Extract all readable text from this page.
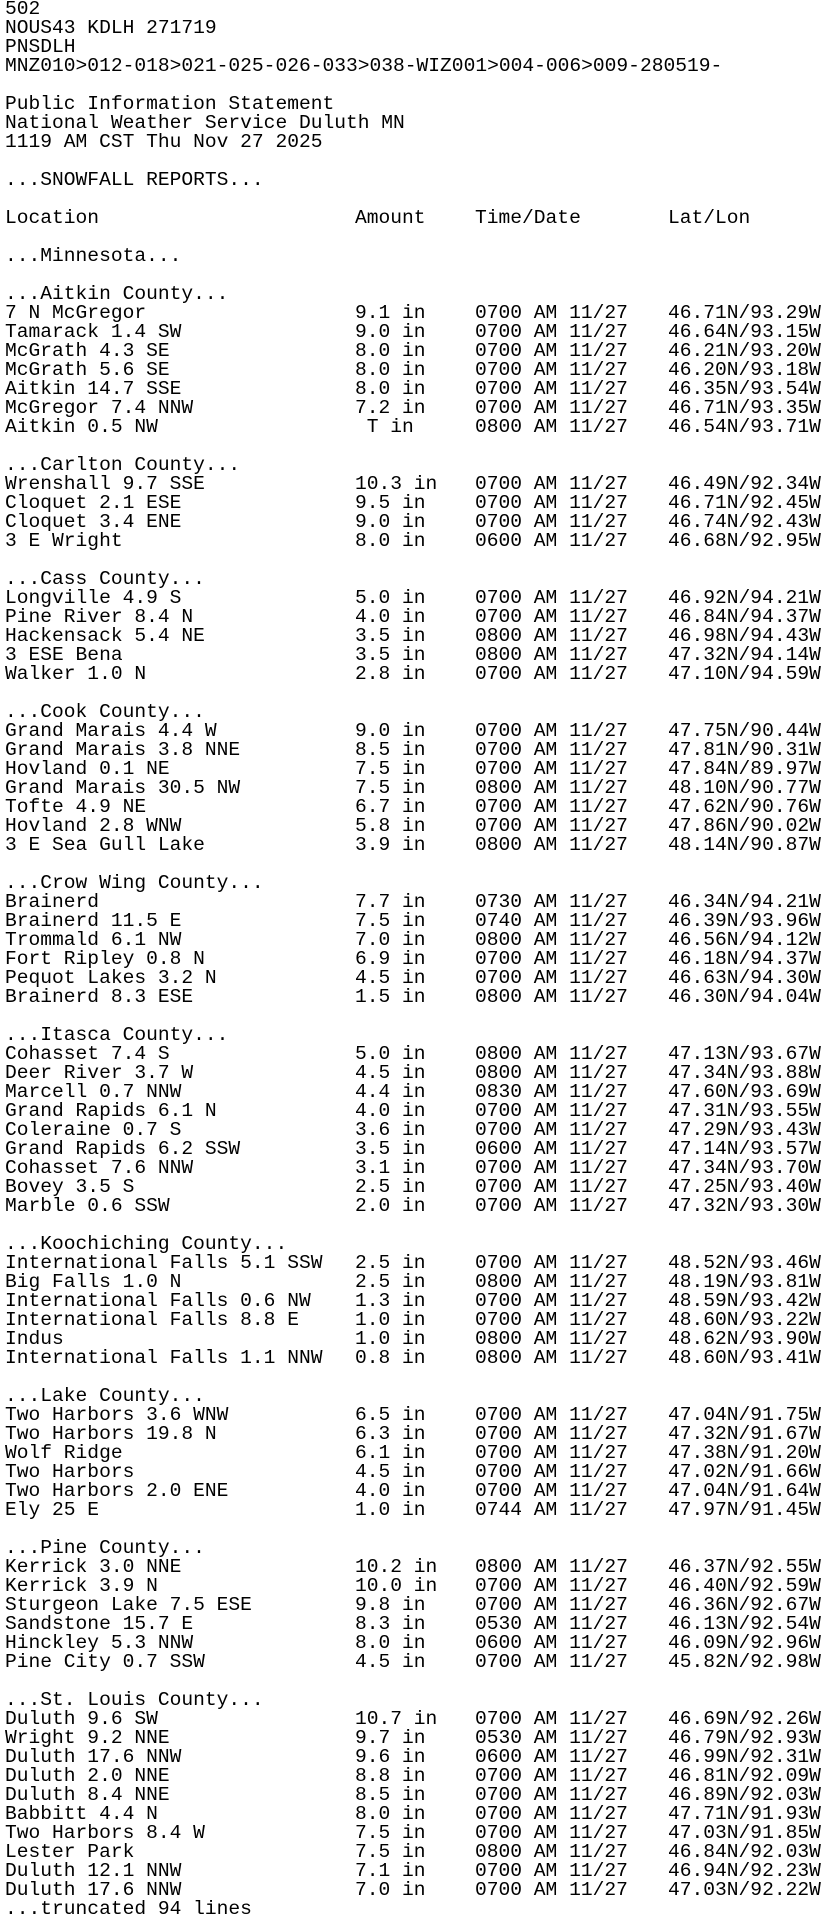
502
NOUS43 KDLH 271719
PNSDLH
MNZ010>012-018>021-025-026-033>038-WIZ001>004-006>009-280519-
Public Information Statement
National Weather Service Duluth MN
1119 AM CST Thu Nov 27 2025
...SNOWFALL REPORTS...
Location	Amount	Time/Date	Lat/Lon
...Minnesota...
...Aitkin County...
7 N McGregor	9.1 in	0700 AM 11/27 46.71N/93.29W
Tamarack 1.4 SW	9.0 in	0700 AM 11/27 46.64N/93.15W
McGrath 4.3 SE	8.0 in	0700 AM 11/27 46.21N/93.20W
McGrath 5.6 SE	8.0 in	0700 AM 11/27 46.20N/93.18W
Aitkin 14.7 SSE	8.0 in	0700 AM 11/27 46.35N/93.54W
McGregor 7.4 NNW	7.2 in	0700 AM 11/27 46.71N/93.35W
Aitkin 0.5 NW	T in	0800 AM 11/27 46.54N/93.71W
...Carlton County...
Wrenshall 9.7 SSE	10.3 in 0700 AM 11/27 46.49N/92.34W
Cloquet 2.1 ESE	9.5 in	0700 AM 11/27 46.71N/92.45W
Cloquet 3.4 ENE	9.0 in	0700 AM 11/27 46.74N/92.43W
3 E Wright	8.0 in	0600 AM 11/27 46.68N/92.95W
...Cass County...
Longville 4.9 S	5.0 in	0700 AM 11/27 46.92N/94.21W
Pine River 8.4 N	4.0 in	0700 AM 11/27 46.84N/94.37W
Hackensack 5.4 NE	3.5 in	0800 AM 11/27 46.98N/94.43W
3 ESE Bena	3.5 in	0800 AM 11/27 47.32N/94.14W
Walker 1.0 N	2.8 in	0700 AM 11/27 47.10N/94.59W
...Cook County...
Grand Marais 4.4 W	9.0 in	0700 AM 11/27 47.75N/90.44W
Grand Marais 3.8 NNE	8.5 in	0700 AM 11/27 47.81N/90.31W
Hovland 0.1 NE	7.5 in	0700 AM 11/27 47.84N/89.97W
Grand Marais 30.5 NW	7.5 in	0800 AM 11/27 48.10N/90.77W
Tofte 4.9 NE	6.7 in	0700 AM 11/27 47.62N/90.76W
Hovland 2.8 WNW	5.8 in	0700 AM 11/27 47.86N/90.02W
3 E Sea Gull Lake	3.9 in	0800 AM 11/27 48.14N/90.87W
...Crow Wing County...
Brainerd	7.7 in	0730 AM 11/27 46.34N/94.21W
Brainerd 11.5 E	7.5 in	0740 AM 11/27 46.39N/93.96W
Trommald 6.1 NW	7.0 in	0800 AM 11/27 46.56N/94.12W
Fort Ripley 0.8 N	6.9 in	0700 AM 11/27 46.18N/94.37W
Pequot Lakes 3.2 N	4.5 in	0700 AM 11/27 46.63N/94.30W
Brainerd 8.3 ESE	1.5 in	0800 AM 11/27 46.30N/94.04W
...Itasca County...
Cohasset 7.4 S	5.0 in	0800 AM 11/27 47.13N/93.67W
Deer River 3.7 W	4.5 in	0800 AM 11/27 47.34N/93.88W
Marcell 0.7 NNW	4.4 in	0830 AM 11/27 47.60N/93.69W
Grand Rapids 6.1 N	4.0 in	0700 AM 11/27 47.31N/93.55W
Coleraine 0.7 S	3.6 in	0700 AM 11/27 47.29N/93.43W
Grand Rapids 6.2 SSW	3.5 in	0600 AM 11/27 47.14N/93.57W
Cohasset 7.6 NNW	3.1 in	0700 AM 11/27 47.34N/93.70W
Bovey 3.5 S	2.5 in	0700 AM 11/27 47.25N/93.40W
Marble 0.6 SSW	2.0 in	0700 AM 11/27 47.32N/93.30W
...Koochiching County...
International Falls 5.1 SSW 2.5 in	0700 AM 11/27 48.52N/93.46W
Big Falls 1.0 N	2.5 in	0800 AM 11/27 48.19N/93.81W
International Falls 0.6 NW 1.3 in	0700 AM 11/27 48.59N/93.42W
International Falls 8.8 E	1.0 in	0700 AM 11/27 48.60N/93.22W
Indus	1.0 in	0800 AM 11/27 48.62N/93.90W
International Falls 1.1 NNW 0.8 in	0800 AM 11/27 48.60N/93.41W
...Lake County...
Two Harbors 3.6 WNW	6.5 in	0700 AM 11/27 47.04N/91.75W
Two Harbors 19.8 N	6.3 in	0700 AM 11/27 47.32N/91.67W
Wolf Ridge	6.1 in	0700 AM 11/27 47.38N/91.20W
Two Harbors	4.5 in	0700 AM 11/27 47.02N/91.66W
Two Harbors 2.0 ENE	4.0 in	0700 AM 11/27 47.04N/91.64W
Ely 25 E	1.0 in	0744 AM 11/27 47.97N/91.45W
...Pine County...
Kerrick 3.0 NNE	10.2 in 0800 AM 11/27 46.37N/92.55W
Kerrick 3.9 N	10.0 in 0700 AM 11/27 46.40N/92.59W
Sturgeon Lake 7.5 ESE	9.8 in	0700 AM 11/27 46.36N/92.67W
Sandstone 15.7 E	8.3 in	0530 AM 11/27 46.13N/92.54W
Hinckley 5.3 NNW	8.0 in	0600 AM 11/27 46.09N/92.96W
Pine City 0.7 SSW	4.5 in	0700 AM 11/27 45.82N/92.98W
...St. Louis County...
Duluth 9.6 SW	10.7 in 0700 AM 11/27 46.69N/92.26W
Wright 9.2 NNE	9.7 in	0530 AM 11/27 46.79N/92.93W
Duluth 17.6 NNW	9.6 in	0600 AM 11/27 46.99N/92.31W
Duluth 2.0 NNE	8.8 in	0700 AM 11/27 46.81N/92.09W
Duluth 8.4 NNE	8.5 in	0700 AM 11/27 46.89N/92.03W
Babbitt 4.4 N	8.0 in	0700 AM 11/27 47.71N/91.93W
Two Harbors 8.4 W	7.5 in	0700 AM 11/27 47.03N/91.85W
Lester Park	7.5 in	0800 AM 11/27 46.84N/92.03W
Duluth 12.1 NNW	7.1 in	0700 AM 11/27 46.94N/92.23W
Duluth 17.6 NNW	7.0 in	0700 AM 11/27 47.03N/92.22W
...truncated 94 lines
